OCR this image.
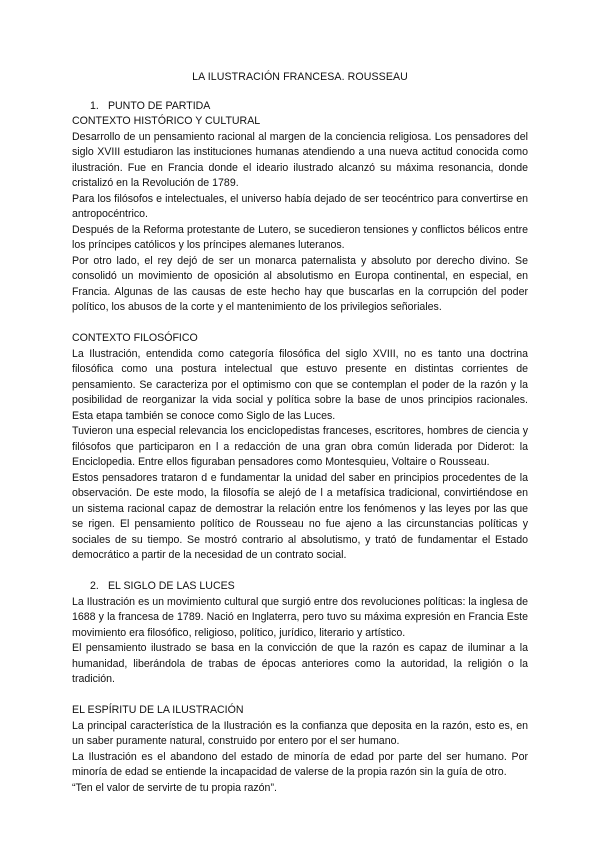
LA ILUSTRACIÓN FRANCESA. ROUSSEAU
1. PUNTO DE PARTIDA
CONTEXTO HISTÓRICO Y CULTURAL

Desarrollo de un pensamiento racional al margen de la conciencia religiosa. Los pensadores del siglo XVIII estudiaron las instituciones humanas atendiendo a una nueva actitud conocida como ilustración. Fue en Francia donde el ideario ilustrado alcanzó su máxima resonancia, donde cristalizó en la Revolución de 1789.

Para los filósofos e intelectuales, el universo había dejado de ser teocéntrico para convertirse en antropocéntrico.

Después de la Reforma protestante de Lutero, se sucedieron tensiones y conflictos bélicos entre los príncipes católicos y los príncipes alemanes luteranos.

Por otro lado, el rey dejó de ser un monarca paternalista y absoluto por derecho divino. Se consolidó un movimiento de oposición al absolutismo en Europa continental, en especial, en Francia. Algunas de las causas de este hecho hay que buscarlas en la corrupción del poder político, los abusos de la corte y el mantenimiento de los privilegios señoriales.

CONTEXTO FILOSÓFICO

La Ilustración, entendida como categoría filosófica del siglo XVIII, no es tanto una doctrina filosófica como una postura intelectual que estuvo presente en distintas corrientes de pensamiento. Se caracteriza por el optimismo con que se contemplan el poder de la razón y la posibilidad de reorganizar la vida social y política sobre la base de unos principios racionales. Esta etapa también se conoce como Siglo de las Luces.

Tuvieron una especial relevancia los enciclopedistas franceses, escritores, hombres de ciencia y filósofos que participaron en l a redacción de una gran obra común liderada por Diderot: la Enciclopedia. Entre ellos figuraban pensadores como Montesquieu, Voltaire o Rousseau.

Estos pensadores trataron d e fundamentar la unidad del saber en principios procedentes de la observación. De este modo, la filosofía se alejó de l a metafísica tradicional, convirtiéndose en un sistema racional capaz de demostrar la relación entre los fenómenos y las leyes por las que se rigen. El pensamiento político de Rousseau no fue ajeno a las circunstancias políticas y sociales de su tiempo. Se mostró contrario al absolutismo, y trató de fundamentar el Estado democrático a partir de la necesidad de un contrato social.

2. EL SIGLO DE LAS LUCES

La Ilustración es un movimiento cultural que surgió entre dos revoluciones políticas: la inglesa de 1688 y la francesa de 1789. Nació en Inglaterra, pero tuvo su máxima expresión en Francia Este movimiento era filosófico, religioso, político, jurídico, literario y artístico.

El pensamiento ilustrado se basa en la convicción de que la razón es capaz de iluminar a la humanidad, liberándola de trabas de épocas anteriores como la autoridad, la religión o la tradición.

EL ESPÍRITU DE LA ILUSTRACIÓN

La principal característica de la Ilustración es la confianza que deposita en la razón, esto es, en un saber puramente natural, construido por entero por el ser humano.

La Ilustración es el abandono del estado de minoría de edad por parte del ser humano. Por minoría de edad se entiende la incapacidad de valerse de la propia razón sin la guía de otro.

“Ten el valor de servirte de tu propia razón”.
